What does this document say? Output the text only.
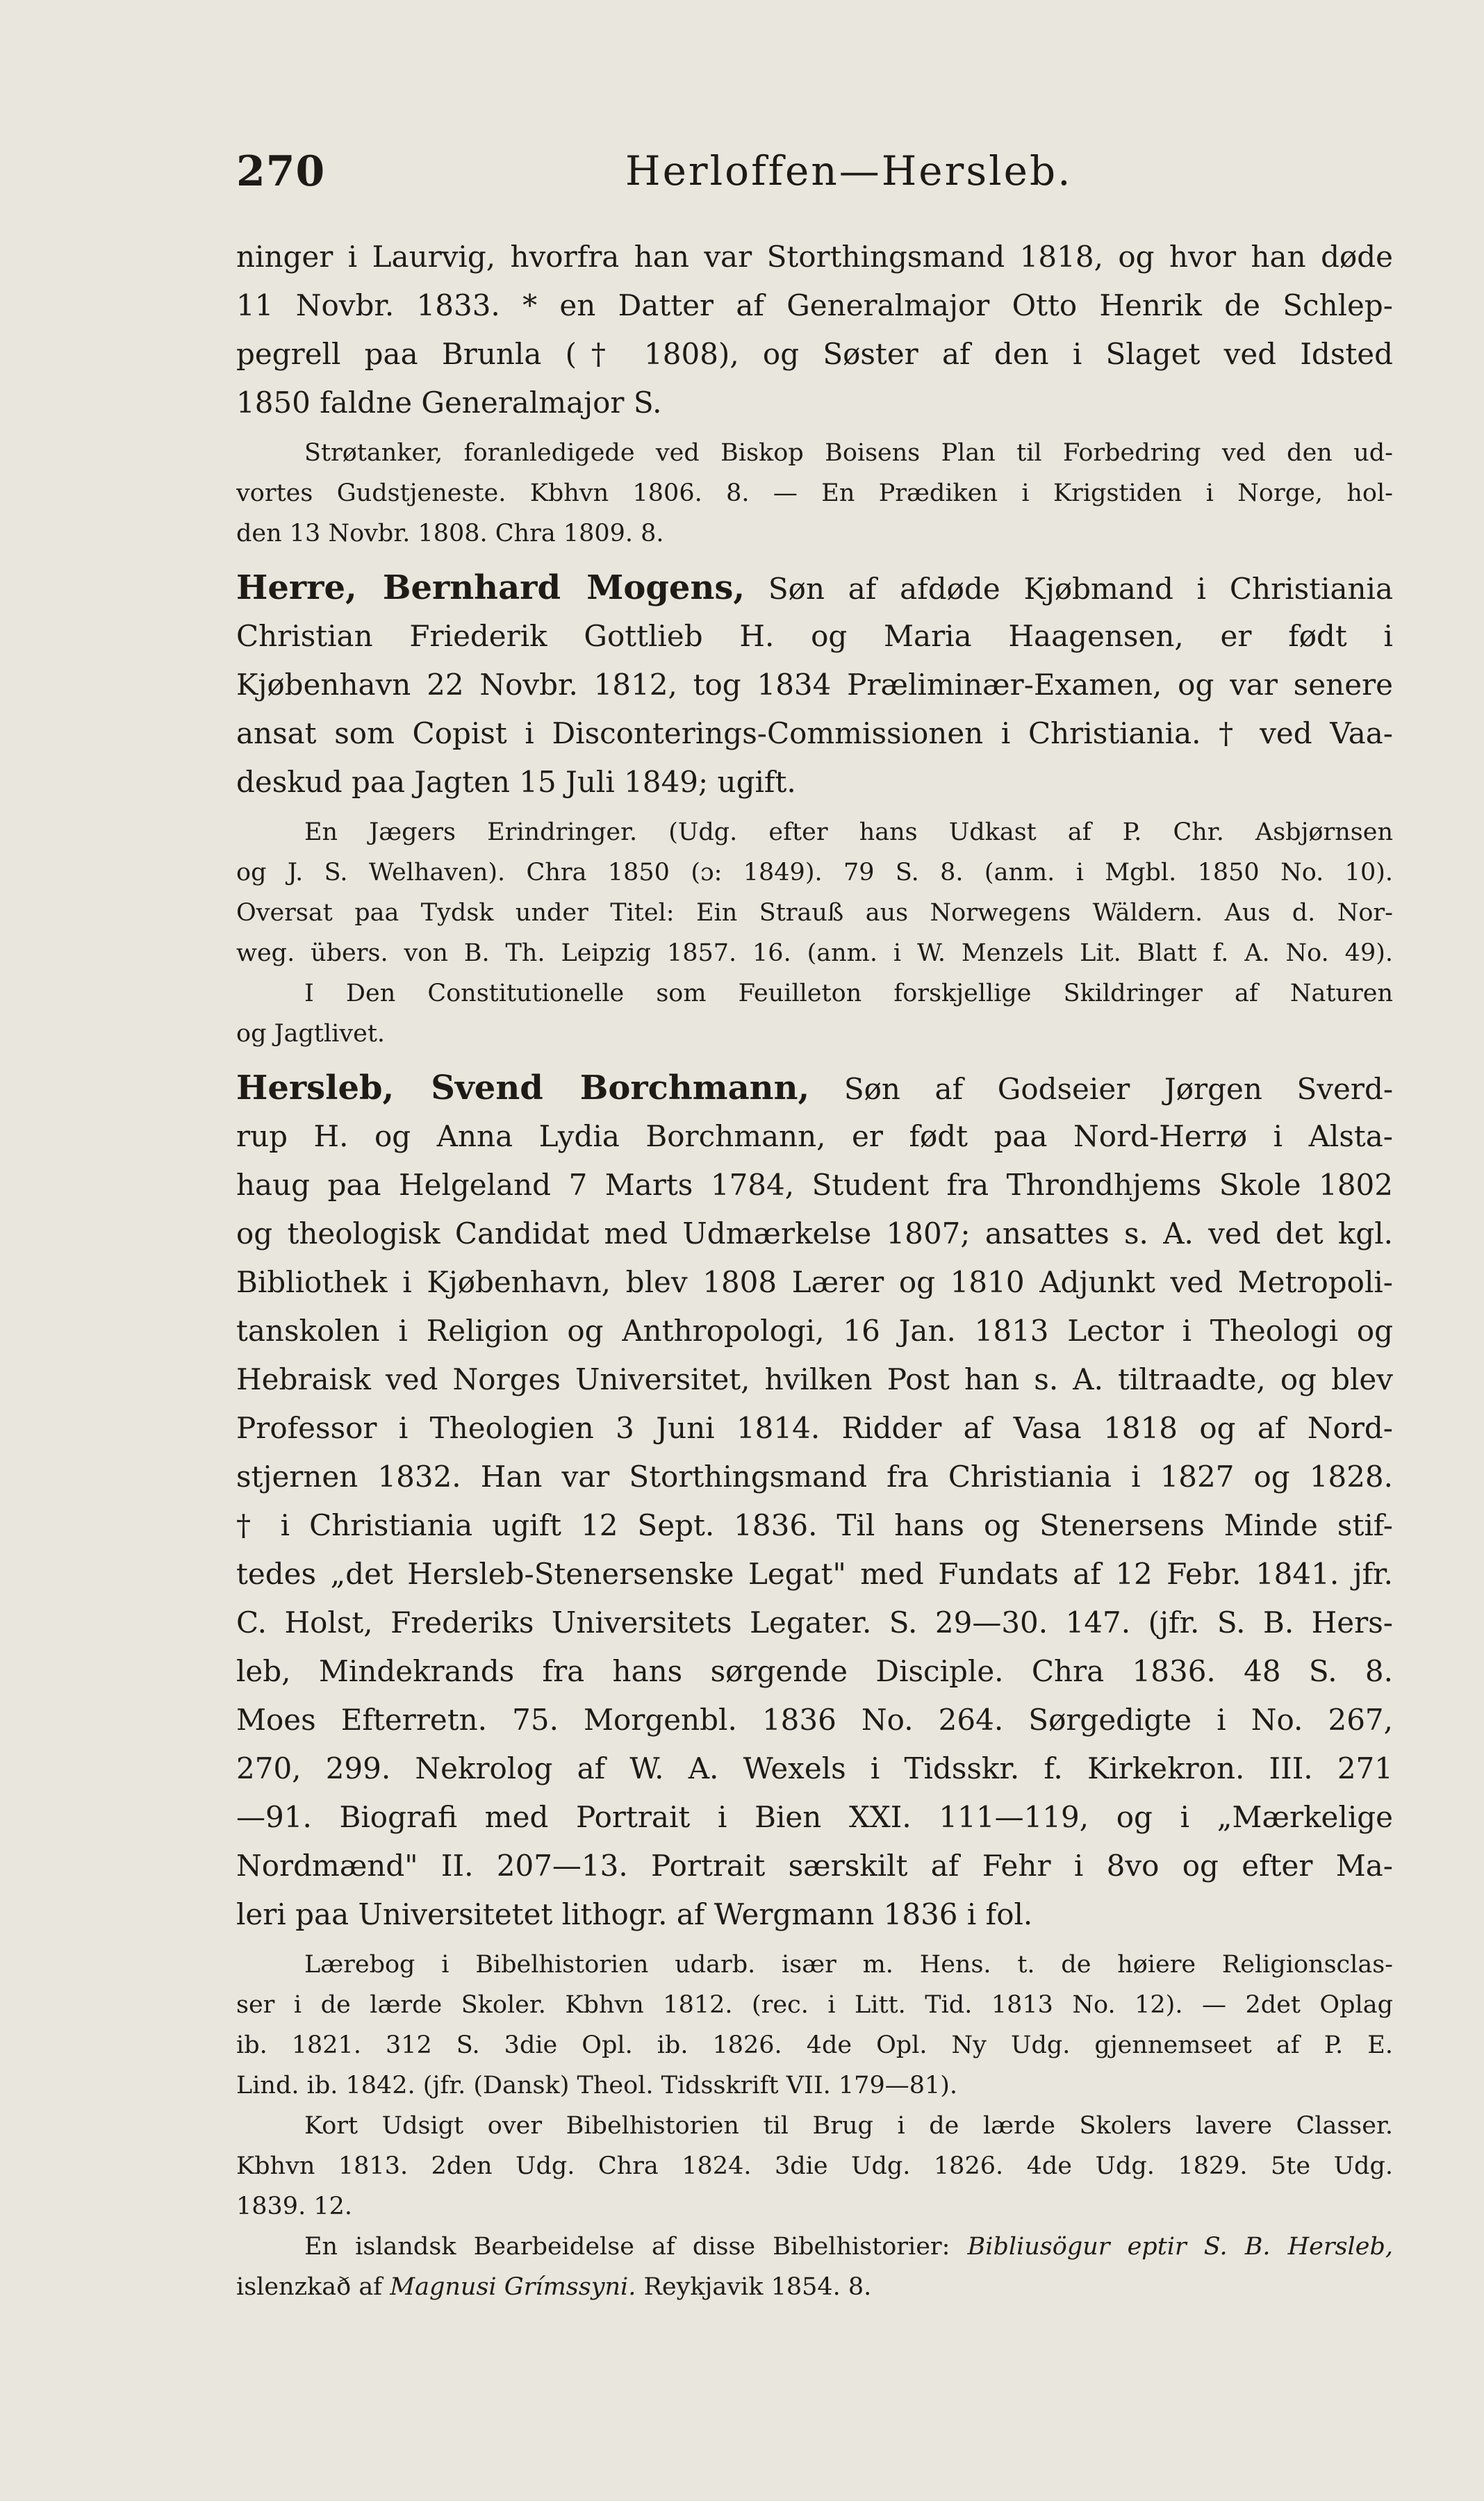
270	Herloffen—Hersleb.
ninger i Laurvig, hvorfra han var Storthingsmand 1818, og hvor han døde
11 Novbr. 1833. * en Datter af Generalmajor Otto Henrik de Schlep-
pegrell paa Brunla († 1808), og Søster af den i Slaget ved Idsted
1850 faldne Generalmajor S.
Strøtanker, foranledigede ved Biskop Boisens Plan til Forbedring ved den ud-
vortes Gudstjeneste. Kbhvn 1806. 8. — En Prædiken i Krigstiden i Norge, hol-
den 13 Novbr. 1808. Chra 1809. 8.
Herre, Bernhard Mogens, Søn af afdøde Kjøbmand i Christiania
Christian Friederik Gottlieb H. og Maria Haagensen, er født i
Kjøbenhavn 22 Novbr. 1812, tog 1834 Præliminær-Examen, og var senere
ansat som Copist i Disconterings-Commissionen i Christiania. † ved Vaa-
deskud paa Jagten 15 Juli 1849; ugift.
En Jægers Erindringer. (Udg. efter hans Udkast af P. Chr. Asbjørnsen
og J. S. Welhaven). Chra 1850 (ɔ: 1849). 79 S. 8. (anm. i Mgbl. 1850 No. 10).
Oversat paa Tydsk under Titel: Ein Strauß aus Norwegens Wäldern. Aus d. Nor-
weg. übers. von B. Th. Leipzig 1857. 16. (anm. i W. Menzels Lit. Blatt f. A. No. 49).
I Den Constitutionelle som Feuilleton forskjellige Skildringer af Naturen
og Jagtlivet.
Hersleb, Svend Borchmann, Søn af Godseier Jørgen Sverd-
rup H. og Anna Lydia Borchmann, er født paa Nord-Herrø i Alsta-
haug paa Helgeland 7 Marts 1784, Student fra Throndhjems Skole 1802
og theologisk Candidat med Udmærkelse 1807; ansattes s. A. ved det kgl.
Bibliothek i Kjøbenhavn, blev 1808 Lærer og 1810 Adjunkt ved Metropoli-
tanskolen i Religion og Anthropologi, 16 Jan. 1813 Lector i Theologi og
Hebraisk ved Norges Universitet, hvilken Post han s. A. tiltraadte, og blev
Professor i Theologien 3 Juni 1814. Ridder af Vasa 1818 og af Nord-
stjernen 1832. Han var Storthingsmand fra Christiania i 1827 og 1828.
† i Christiania ugift 12 Sept. 1836. Til hans og Stenersens Minde stif-
tedes „det Hersleb-Stenersenske Legat" med Fundats af 12 Febr. 1841. jfr.
C. Holst, Frederiks Universitets Legater. S. 29—30. 147. (jfr. S. B. Hers-
leb, Mindekrands fra hans sørgende Disciple. Chra 1836. 48 S. 8.
Moes Efterretn. 75. Morgenbl. 1836 No. 264. Sørgedigte i No. 267,
270, 299. Nekrolog af W. A. Wexels i Tidsskr. f. Kirkekron. III. 271
—91. Biografi med Portrait i Bien XXI. 111—119, og i „Mærkelige
Nordmænd" II. 207—13. Portrait særskilt af Fehr i 8vo og efter Ma-
leri paa Universitetet lithogr. af Wergmann 1836 i fol.
Lærebog i Bibelhistorien udarb. især m. Hens. t. de høiere Religionsclas-
ser i de lærde Skoler. Kbhvn 1812. (rec. i Litt. Tid. 1813 No. 12). — 2det Oplag
ib. 1821. 312 S. 3die Opl. ib. 1826. 4de Opl. Ny Udg. gjennemseet af P. E.
Lind. ib. 1842. (jfr. (Dansk) Theol. Tidsskrift VII. 179—81).
Kort Udsigt over Bibelhistorien til Brug i de lærde Skolers lavere Classer.
Kbhvn 1813. 2den Udg. Chra 1824. 3die Udg. 1826. 4de Udg. 1829. 5te Udg.
1839. 12.
En islandsk Bearbeidelse af disse Bibelhistorier: Bibliusögur eptir S. B. Hersleb,
islenzkað af Magnusi Grímssyni. Reykjavik 1854. 8.
